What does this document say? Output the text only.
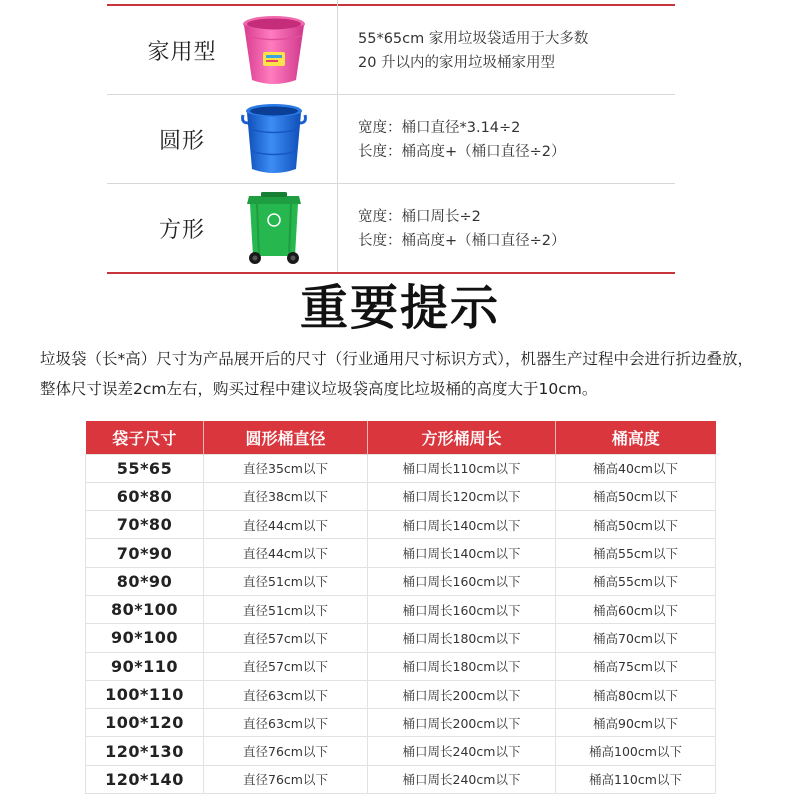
家用型
55*65cm 家用垃圾袋适用于大多数
20 升以内的家用垃圾桶家用型
圆形
宽度：桶口直径*3.14÷2
长度：桶高度+（桶口直径÷2）
方形
宽度：桶口周长÷2
长度：桶高度+（桶口直径÷2）
重要提示
垃圾袋（长*高）尺寸为产品展开后的尺寸（行业通用尺寸标识方式），机器生产过程中会进行折边叠放，整体尺寸误差2cm左右，购买过程中建议垃圾袋高度比垃圾桶的高度大于10cm。
袋子尺寸	圆形桶直径	方形桶周长	桶高度
55*65	直径35cm以下	桶口周长110cm以下	桶高40cm以下
60*80	直径38cm以下	桶口周长120cm以下	桶高50cm以下
70*80	直径44cm以下	桶口周长140cm以下	桶高50cm以下
70*90	直径44cm以下	桶口周长140cm以下	桶高55cm以下
80*90	直径51cm以下	桶口周长160cm以下	桶高55cm以下
80*100	直径51cm以下	桶口周长160cm以下	桶高60cm以下
90*100	直径57cm以下	桶口周长180cm以下	桶高70cm以下
90*110	直径57cm以下	桶口周长180cm以下	桶高75cm以下
100*110	直径63cm以下	桶口周长200cm以下	桶高80cm以下
100*120	直径63cm以下	桶口周长200cm以下	桶高90cm以下
120*130	直径76cm以下	桶口周长240cm以下	桶高100cm以下
120*140	直径76cm以下	桶口周长240cm以下	桶高110cm以下
